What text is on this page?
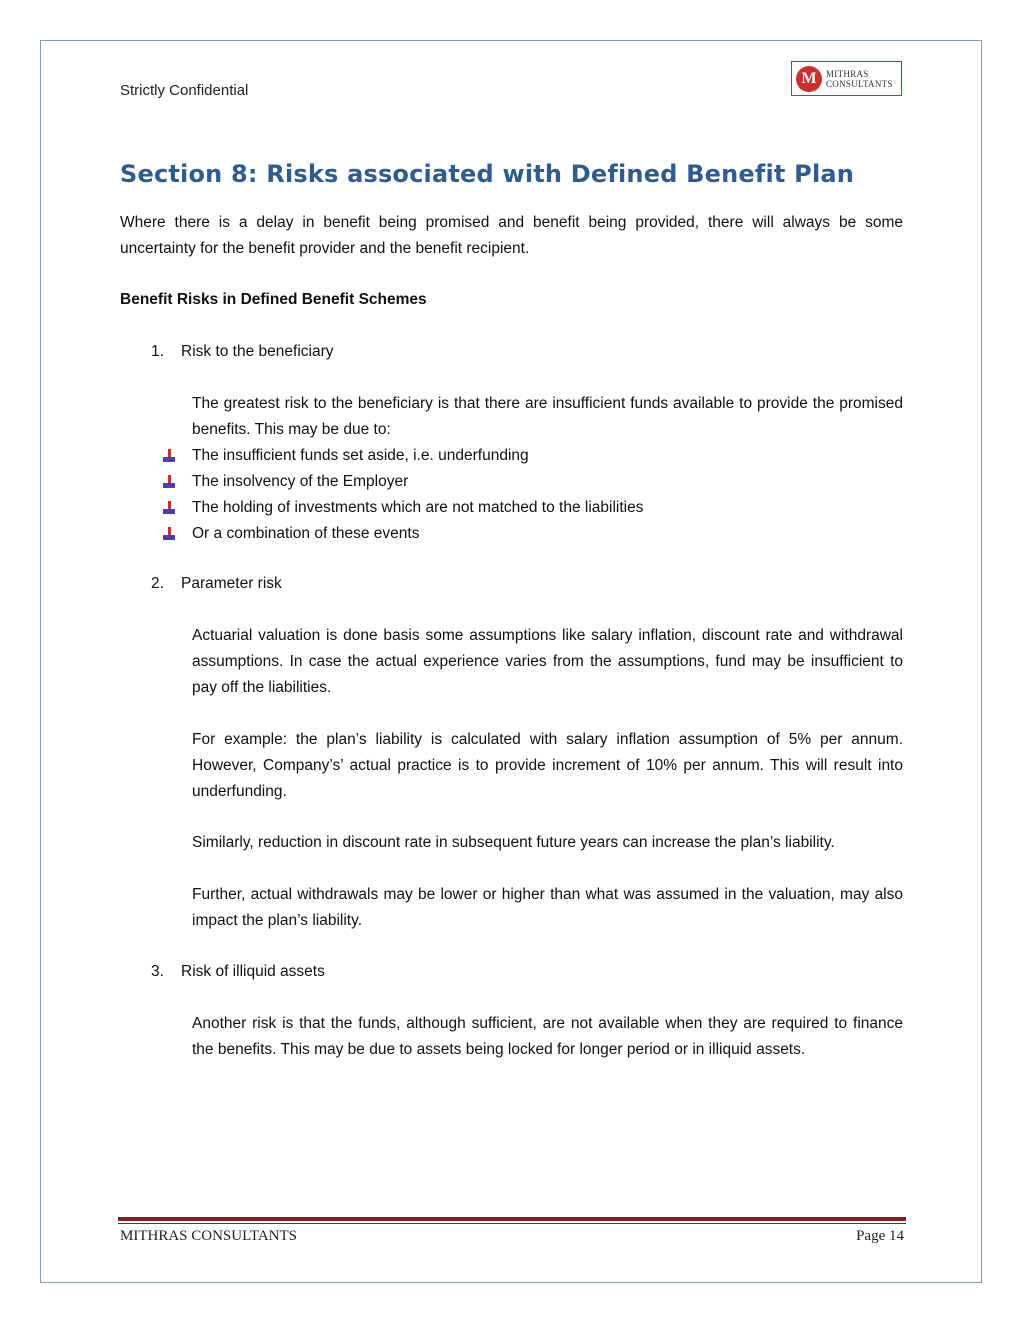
Strictly Confidential
M	MITHRAS
CONSULTANTS
Section 8: Risks associated with Defined Benefit Plan

Where there is a delay in benefit being promised and benefit being provided, there will always be some uncertainty for the benefit provider and the benefit recipient.

Benefit Risks in Defined Benefit Schemes

1. Risk to the beneficiary

The greatest risk to the beneficiary is that there are insufficient funds available to provide the promised benefits. This may be due to:

The insufficient funds set aside, i.e. underfunding
The insolvency of the Employer
The holding of investments which are not matched to the liabilities
Or a combination of these events
2. Parameter risk

Actuarial valuation is done basis some assumptions like salary inflation, discount rate and withdrawal assumptions. In case the actual experience varies from the assumptions, fund may be insufficient to pay off the liabilities.

For example: the plan’s liability is calculated with salary inflation assumption of 5% per annum. However, Company’s’ actual practice is to provide increment of 10% per annum. This will result into underfunding.

Similarly, reduction in discount rate in subsequent future years can increase the plan’s liability.

Further, actual withdrawals may be lower or higher than what was assumed in the valuation, may also impact the plan’s liability.

3. Risk of illiquid assets

Another risk is that the funds, although sufficient, are not available when they are required to finance the benefits. This may be due to assets being locked for longer period or in illiquid assets.

MITHRAS CONSULTANTS	Page 14
